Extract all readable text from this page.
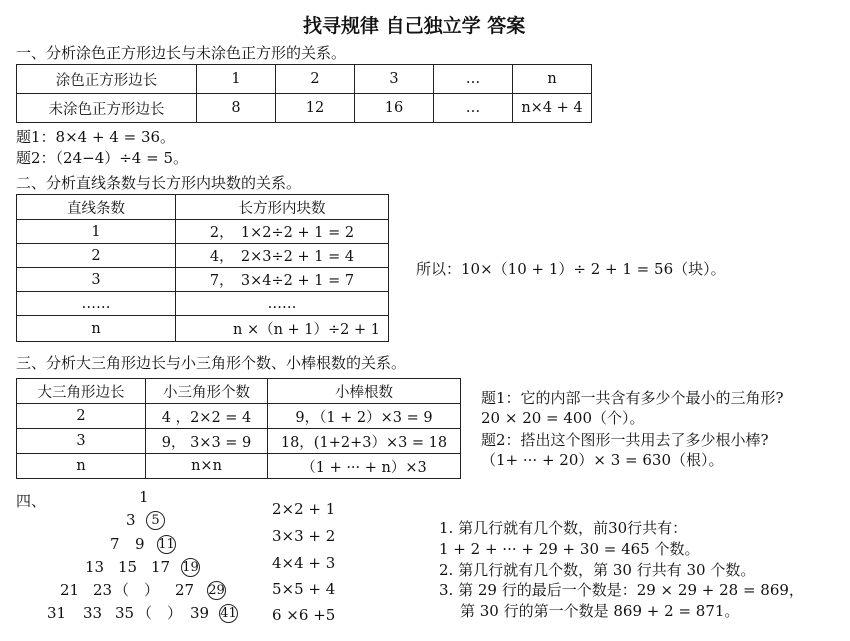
找寻规律 自己独立学 答案
一、分析涂色正方形边长与未涂色正方形的关系。
涂色正方形边长	1	2	3	…	n
未涂色正方形边长	8	12	16	…	n×4 + 4
题1：8×4 + 4 = 36。
题2：（24−4）÷4 = 5。
二、分析直线条数与长方形内块数的关系。
直线条数	长方形内块数
1	2，　1×2÷2 + 1 = 2
2	4，　2×3÷2 + 1 = 4
3	7，　3×4÷2 + 1 = 7
……	……
n	n ×（n + 1）÷2 + 1
所以：10×（10 + 1）÷ 2 + 1 = 56（块）。
三、分析大三角形边长与小三角形个数、小棒根数的关系。
大三角形边长	小三角形个数	小棒根数
2	4 ，2×2 = 4	9，（1 + 2）×3 = 9
3	9， 3×3 = 9	18，(1+2+3）×3 = 18
n	n×n	（1 + ··· + n）×3
题1：它的内部一共含有多少个最小的三角形?
20 × 20 = 400（个）。
题2：搭出这个图形一共用去了多少根小棒?
（1+ ··· + 20）× 3 = 630（根）。
四、	1
3	5
7 9 11
13 15 17 19
21 23 （　） 27 29
31 33 35 （　） 39 41
2×2 + 1
3×3 + 2
4×4 + 3
5×5 + 4
6 ×6 +5
1. 第几行就有几个数，前30行共有：
1 + 2 + ··· + 29 + 30 = 465 个数。
2. 第几行就有几个数，第 30 行共有 30 个数。
3. 第 29 行的最后一个数是：29 × 29 + 28 = 869，
第 30 行的第一个数是 869 + 2 = 871。
